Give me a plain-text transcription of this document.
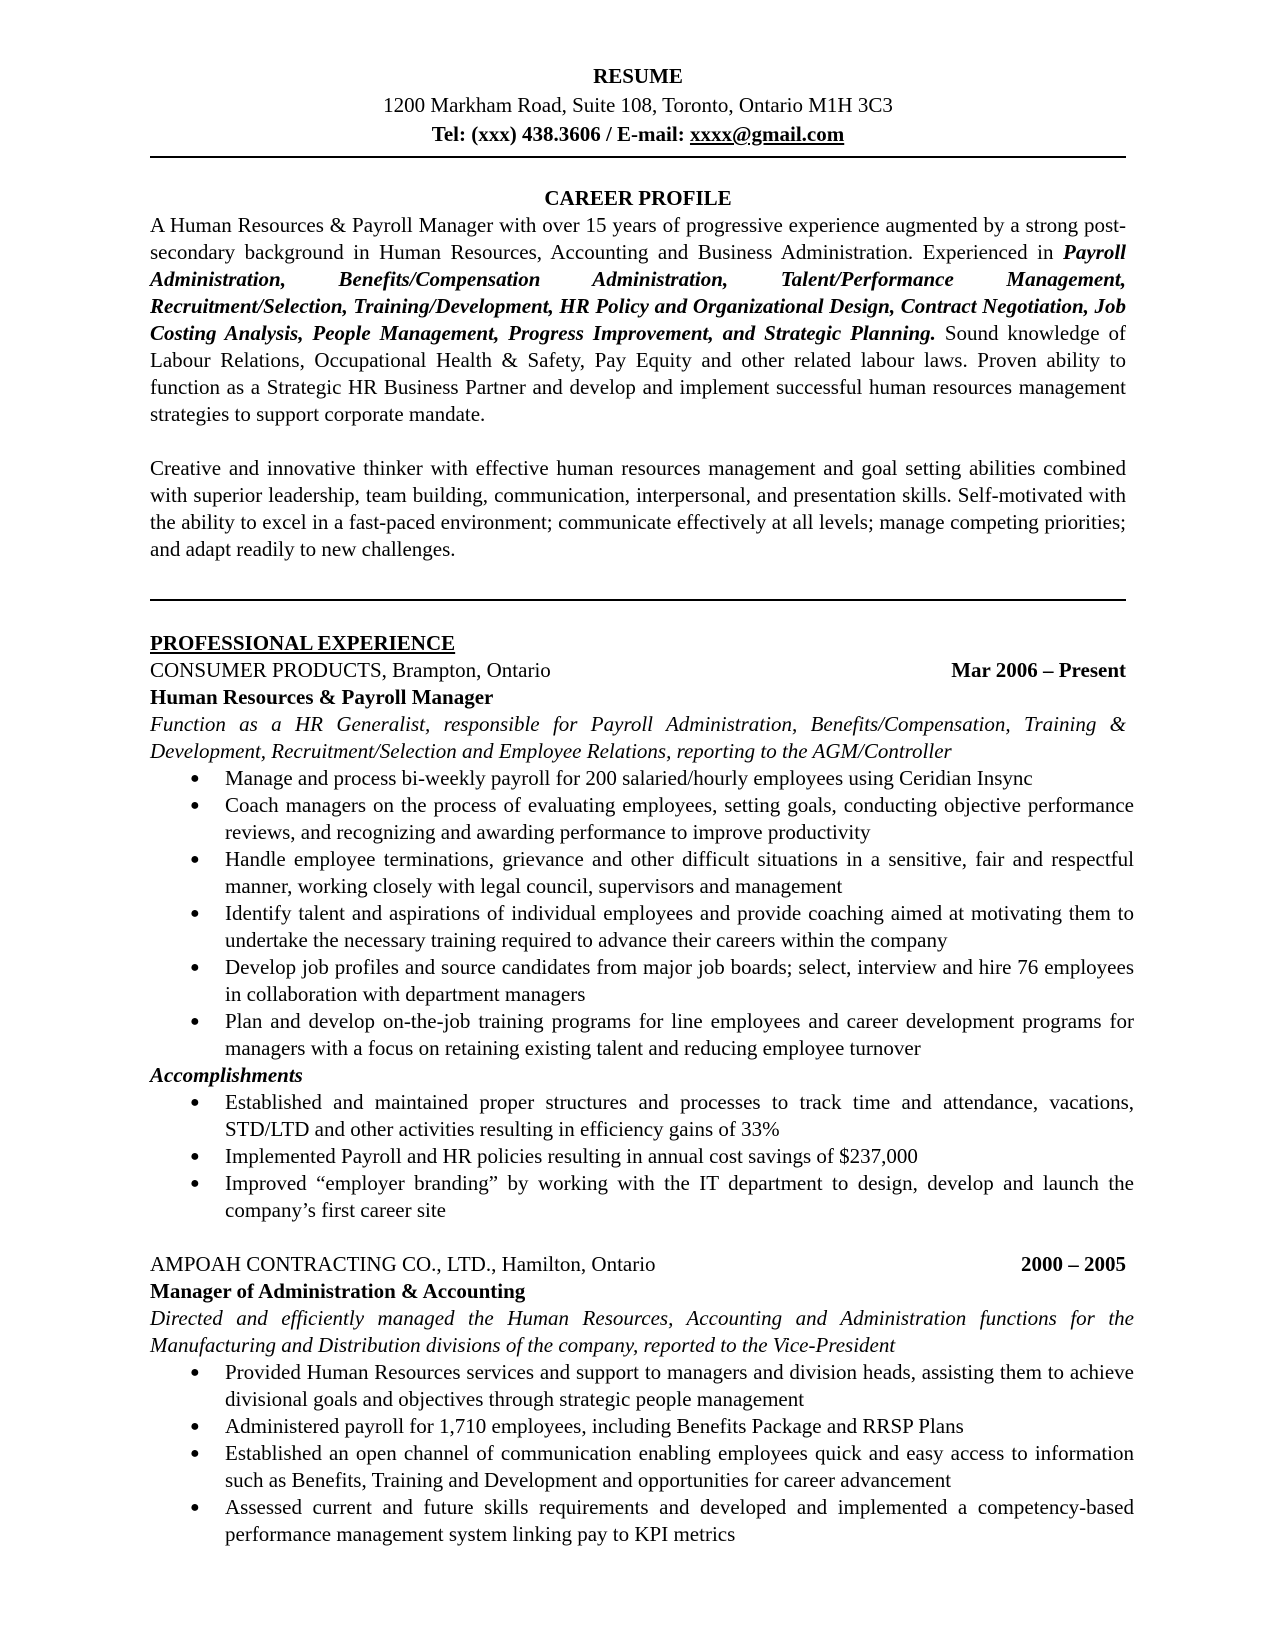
RESUME
1200 Markham Road, Suite 108, Toronto, Ontario M1H 3C3
Tel: (xxx) 438.3606 / E-mail: xxxx@gmail.com
CAREER PROFILE
A Human Resources & Payroll Manager with over 15 years of progressive experience augmented by a strong post-secondary background in Human Resources, Accounting and Business Administration. Experienced in Payroll Administration, Benefits/Compensation Administration, Talent/Performance Management, Recruitment/Selection, Training/Development, HR Policy and Organizational Design, Contract Negotiation, Job Costing Analysis, People Management, Progress Improvement, and Strategic Planning. Sound knowledge of Labour Relations, Occupational Health & Safety, Pay Equity and other related labour laws. Proven ability to function as a Strategic HR Business Partner and develop and implement successful human resources management strategies to support corporate mandate.
Creative and innovative thinker with effective human resources management and goal setting abilities combined with superior leadership, team building, communication, interpersonal, and presentation skills. Self-motivated with the ability to excel in a fast-paced environment; communicate effectively at all levels; manage competing priorities; and adapt readily to new challenges.
PROFESSIONAL EXPERIENCE
CONSUMER PRODUCTS, Brampton, Ontario	Mar 2006 – Present
Human Resources & Payroll Manager
Function as a HR Generalist, responsible for Payroll Administration, Benefits/Compensation, Training & Development, Recruitment/Selection and Employee Relations, reporting to the AGM/Controller
● Manage and process bi-weekly payroll for 200 salaried/hourly employees using Ceridian Insync
● Coach managers on the process of evaluating employees, setting goals, conducting objective performance reviews, and recognizing and awarding performance to improve productivity
● Handle employee terminations, grievance and other difficult situations in a sensitive, fair and respectful manner, working closely with legal council, supervisors and management
● Identify talent and aspirations of individual employees and provide coaching aimed at motivating them to undertake the necessary training required to advance their careers within the company
● Develop job profiles and source candidates from major job boards; select, interview and hire 76 employees in collaboration with department managers
● Plan and develop on-the-job training programs for line employees and career development programs for managers with a focus on retaining existing talent and reducing employee turnover
Accomplishments
● Established and maintained proper structures and processes to track time and attendance, vacations, STD/LTD and other activities resulting in efficiency gains of 33%
● Implemented Payroll and HR policies resulting in annual cost savings of $237,000
● Improved “employer branding” by working with the IT department to design, develop and launch the company’s first career site
AMPOAH CONTRACTING CO., LTD., Hamilton, Ontario	2000 – 2005
Manager of Administration & Accounting
Directed and efficiently managed the Human Resources, Accounting and Administration functions for the Manufacturing and Distribution divisions of the company, reported to the Vice-President
● Provided Human Resources services and support to managers and division heads, assisting them to achieve divisional goals and objectives through strategic people management
● Administered payroll for 1,710 employees, including Benefits Package and RRSP Plans
● Established an open channel of communication enabling employees quick and easy access to information such as Benefits, Training and Development and opportunities for career advancement
● Assessed current and future skills requirements and developed and implemented a competency-based performance management system linking pay to KPI metrics
